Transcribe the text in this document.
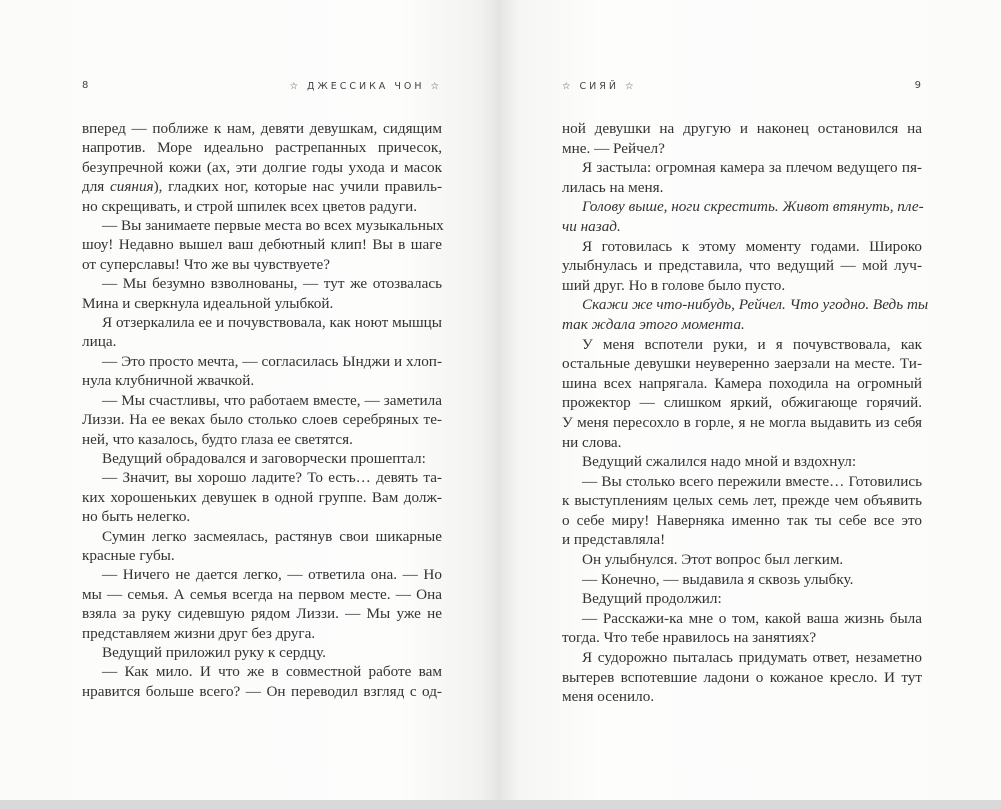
8	☆ ДЖЕССИКА ЧОН ☆
вперед — поближе к нам, девяти девушкам, сидящим
напротив. Море идеально растрепанных причесок,
безупречной кожи (ах, эти долгие годы ухода и масок
для сияния), гладких ног, которые нас учили правиль-
но скрещивать, и строй шпилек всех цветов радуги.
— Вы занимаете первые места во всех музыкальных
шоу! Недавно вышел ваш дебютный клип! Вы в шаге
от суперславы! Что же вы чувствуете?
— Мы безумно взволнованы, — тут же отозвалась
Мина и сверкнула идеальной улыбкой.
Я отзеркалила ее и почувствовала, как ноют мышцы
лица.
— Это просто мечта, — согласилась Ынджи и хлоп-
нула клубничной жвачкой.
— Мы счастливы, что работаем вместе, — заметила
Лиззи. На ее веках было столько слоев серебряных те-
ней, что казалось, будто глаза ее светятся.
Ведущий обрадовался и заговорчески прошептал:
— Значит, вы хорошо ладите? То есть… девять та-
ких хорошеньких девушек в одной группе. Вам долж-
но быть нелегко.
Сумин легко засмеялась, растянув свои шикарные
красные губы.
— Ничего не дается легко, — ответила она. — Но
мы — семья. А семья всегда на первом месте. — Она
взяла за руку сидевшую рядом Лиззи. — Мы уже не
представляем жизни друг без друга.
Ведущий приложил руку к сердцу.
— Как мило. И что же в совместной работе вам
нравится больше всего? — Он переводил взгляд с од-
☆ СИЯЙ ☆	9
ной девушки на другую и наконец остановился на
мне. — Рейчел?
Я застыла: огромная камера за плечом ведущего пя-
лилась на меня.
Голову выше, ноги скрестить. Живот втянуть, пле-
чи назад.
Я готовилась к этому моменту годами. Широко
улыбнулась и представила, что ведущий — мой луч-
ший друг. Но в голове было пусто.
Скажи же что-нибудь, Рейчел. Что угодно. Ведь ты
так ждала этого момента.
У меня вспотели руки, и я почувствовала, как
остальные девушки неуверенно заерзали на месте. Ти-
шина всех напрягала. Камера походила на огромный
прожектор — слишком яркий, обжигающе горячий.
У меня пересохло в горле, я не могла выдавить из себя
ни слова.
Ведущий сжалился надо мной и вздохнул:
— Вы столько всего пережили вместе… Готовились
к выступлениям целых семь лет, прежде чем объявить
о себе миру! Наверняка именно так ты себе все это
и представляла!
Он улыбнулся. Этот вопрос был легким.
— Конечно, — выдавила я сквозь улыбку.
Ведущий продолжил:
— Расскажи-ка мне о том, какой ваша жизнь была
тогда. Что тебе нравилось на занятиях?
Я судорожно пыталась придумать ответ, незаметно
вытерев вспотевшие ладони о кожаное кресло. И тут
меня осенило.
